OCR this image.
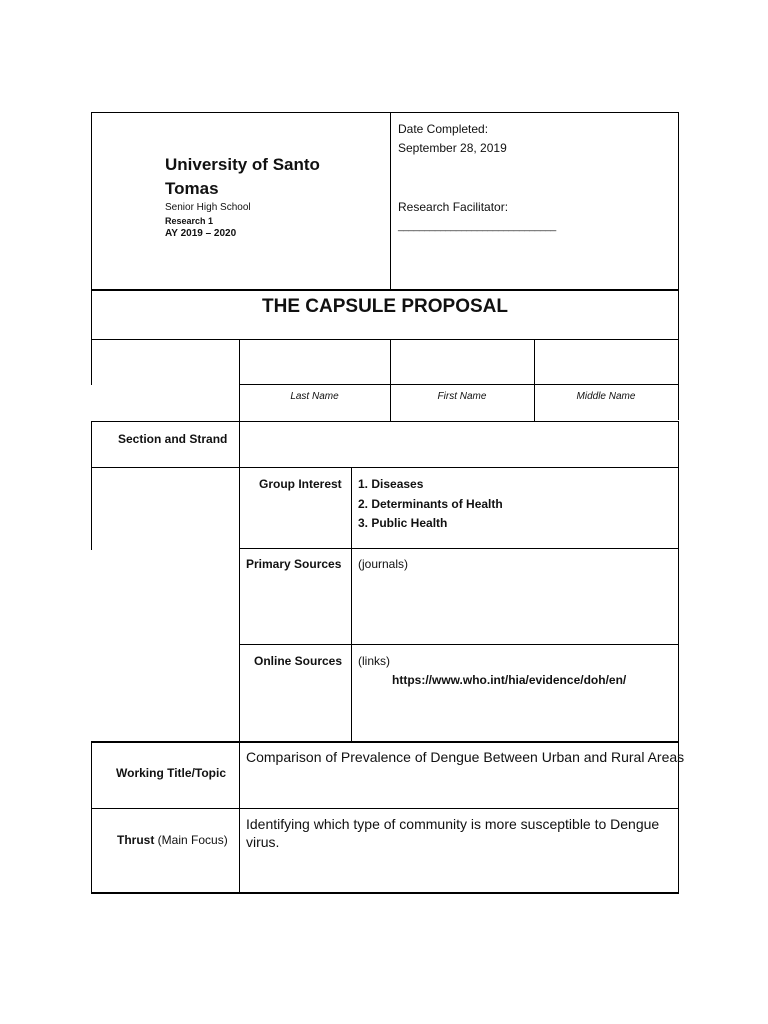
University of Santo
Tomas
Senior High School
Research 1
AY 2019 – 2020
Date Completed:
September 28, 2019
Research Facilitator:
______________________________
THE CAPSULE PROPOSAL
Last Name	First Name	Middle Name
Section and Strand
Group Interest 1. Diseases
2. Determinants of Health
3. Public Health
Primary Sources (journals)
Online Sources (links)
https://www.who.int/hia/evidence/doh/en/
Working Title/Topic
Comparison of Prevalence of Dengue Between Urban and Rural Areas
Thrust (Main Focus)
Identifying which type of community is more susceptible to Dengue
virus.
